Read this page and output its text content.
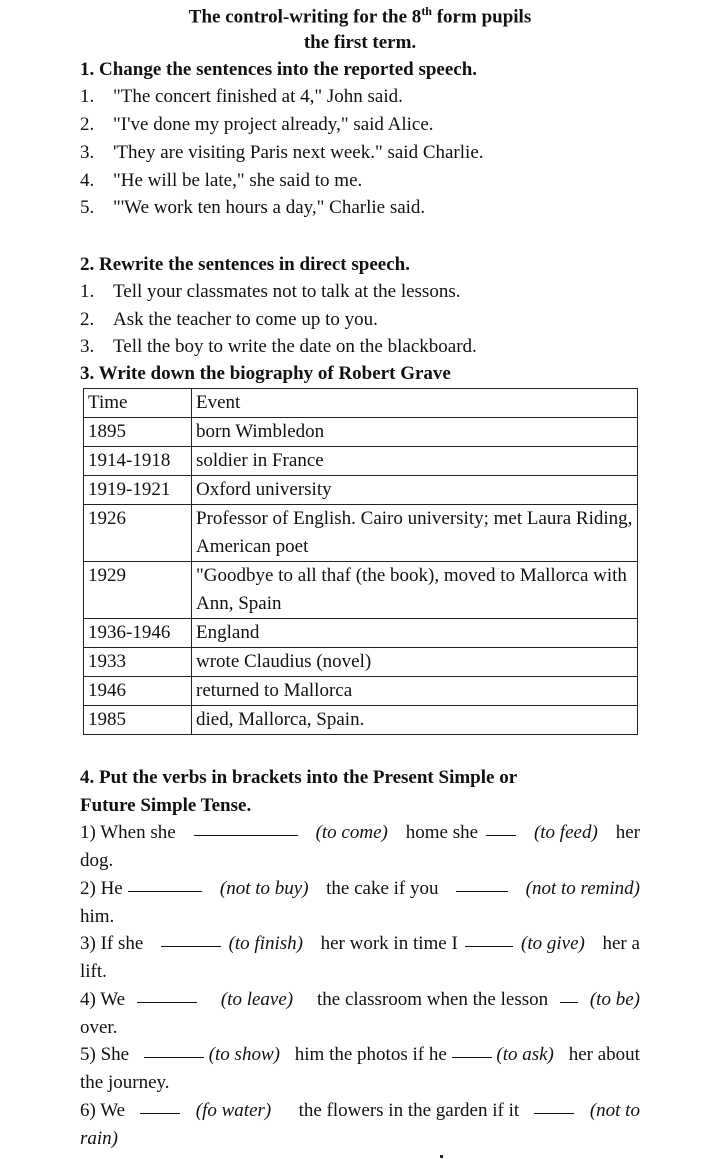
The control-writing for the 8th form pupils
the first term.
1. Change the sentences into the reported speech.
1. "The concert finished at 4," John said.
2. "I've done my project already," said Alice.
3. 'They are visiting Paris next week." said Charlie.
4. "He will be late," she said to me.
5. "'We work ten hours a day," Charlie said.
2. Rewrite the sentences in direct speech.
1. Tell your classmates not to talk at the lessons.
2. Ask the teacher to come up to you.
3. Tell the boy to write the date on the blackboard.
3. Write down the biography of Robert Grave
Time	Event
1895	born Wimbledon
1914-1918	soldier in France
1919-1921	Oxford university
1926	Professor of English. Cairo university; met Laura Riding, American poet
1929	"Goodbye to all thaf (the book), moved to Mallorca with Ann, Spain
1936-1946	England
1933	wrote Claudius (novel)
1946	returned to Mallorca
1985	died, Mallorca, Spain.
4. Put the verbs in brackets into the Present Simple or
Future Simple Tense.
1) When she	(to come) home she	(to feed) her
dog.
2) He	(not to buy) the cake if you	(not to remind)
him.
3) If she	(to finish) her work in time I	(to give) her a
lift.
4) We	(to leave) the classroom when the lesson (to be)
over.
5) She	(to show) him the photos if he	(to ask) her about
the journey.
6) We	(fo water) the flowers in the garden if it	(not to
rain)
